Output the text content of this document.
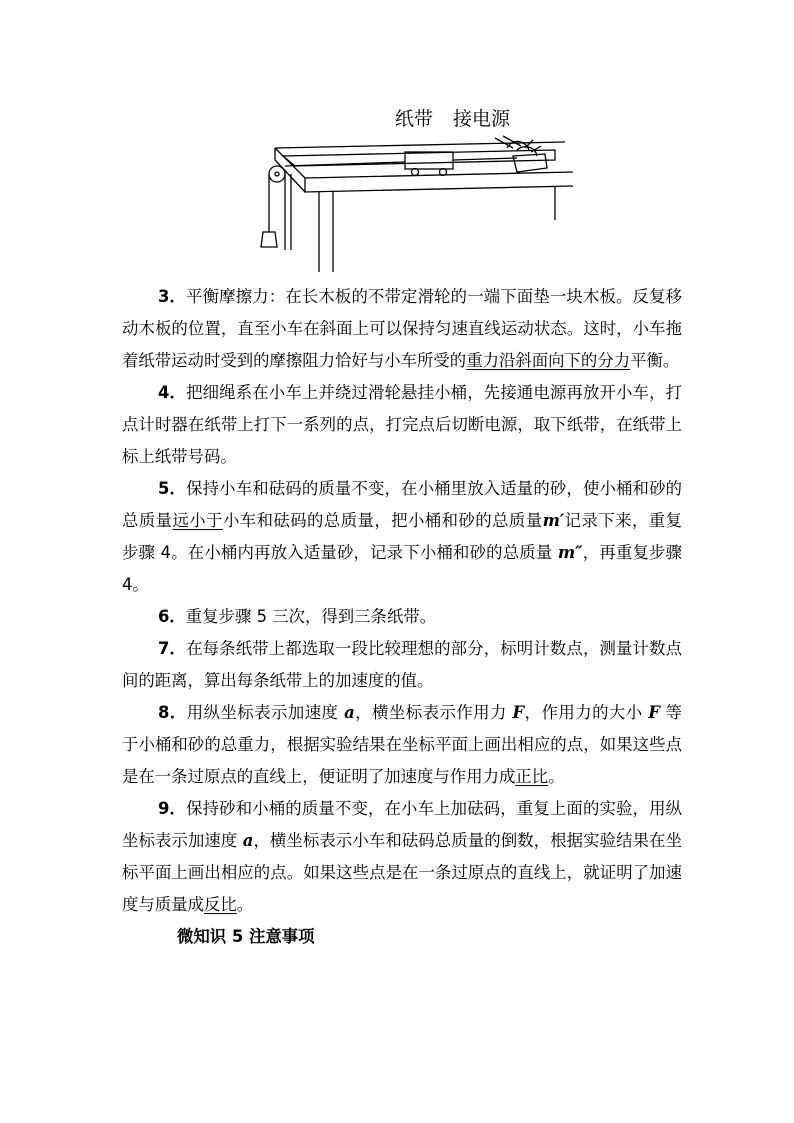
纸带 接电源

3．平衡摩擦力：在长木板的不带定滑轮的一端下面垫一块木板。反复移动木板的位置，直至小车在斜面上可以保持匀速直线运动状态。这时，小车拖着纸带运动时受到的摩擦阻力恰好与小车所受的重力沿斜面向下的分力平衡。

4．把细绳系在小车上并绕过滑轮悬挂小桶，先接通电源再放开小车，打点计时器在纸带上打下一系列的点，打完点后切断电源，取下纸带，在纸带上标上纸带号码。

5．保持小车和砝码的质量不变，在小桶里放入适量的砂，使小桶和砂的总质量远小于小车和砝码的总质量，把小桶和砂的总质量m′记录下来，重复步骤 4。在小桶内再放入适量砂，记录下小桶和砂的总质量 m″，再重复步骤 4。

6．重复步骤 5 三次，得到三条纸带。

7．在每条纸带上都选取一段比较理想的部分，标明计数点，测量计数点间的距离，算出每条纸带上的加速度的值。

8．用纵坐标表示加速度 a，横坐标表示作用力 F，作用力的大小 F 等于小桶和砂的总重力，根据实验结果在坐标平面上画出相应的点，如果这些点是在一条过原点的直线上，便证明了加速度与作用力成正比。

9．保持砂和小桶的质量不变，在小车上加砝码，重复上面的实验，用纵坐标表示加速度 a，横坐标表示小车和砝码总质量的倒数，根据实验结果在坐标平面上画出相应的点。如果这些点是在一条过原点的直线上，就证明了加速度与质量成反比。

微知识 5 注意事项
